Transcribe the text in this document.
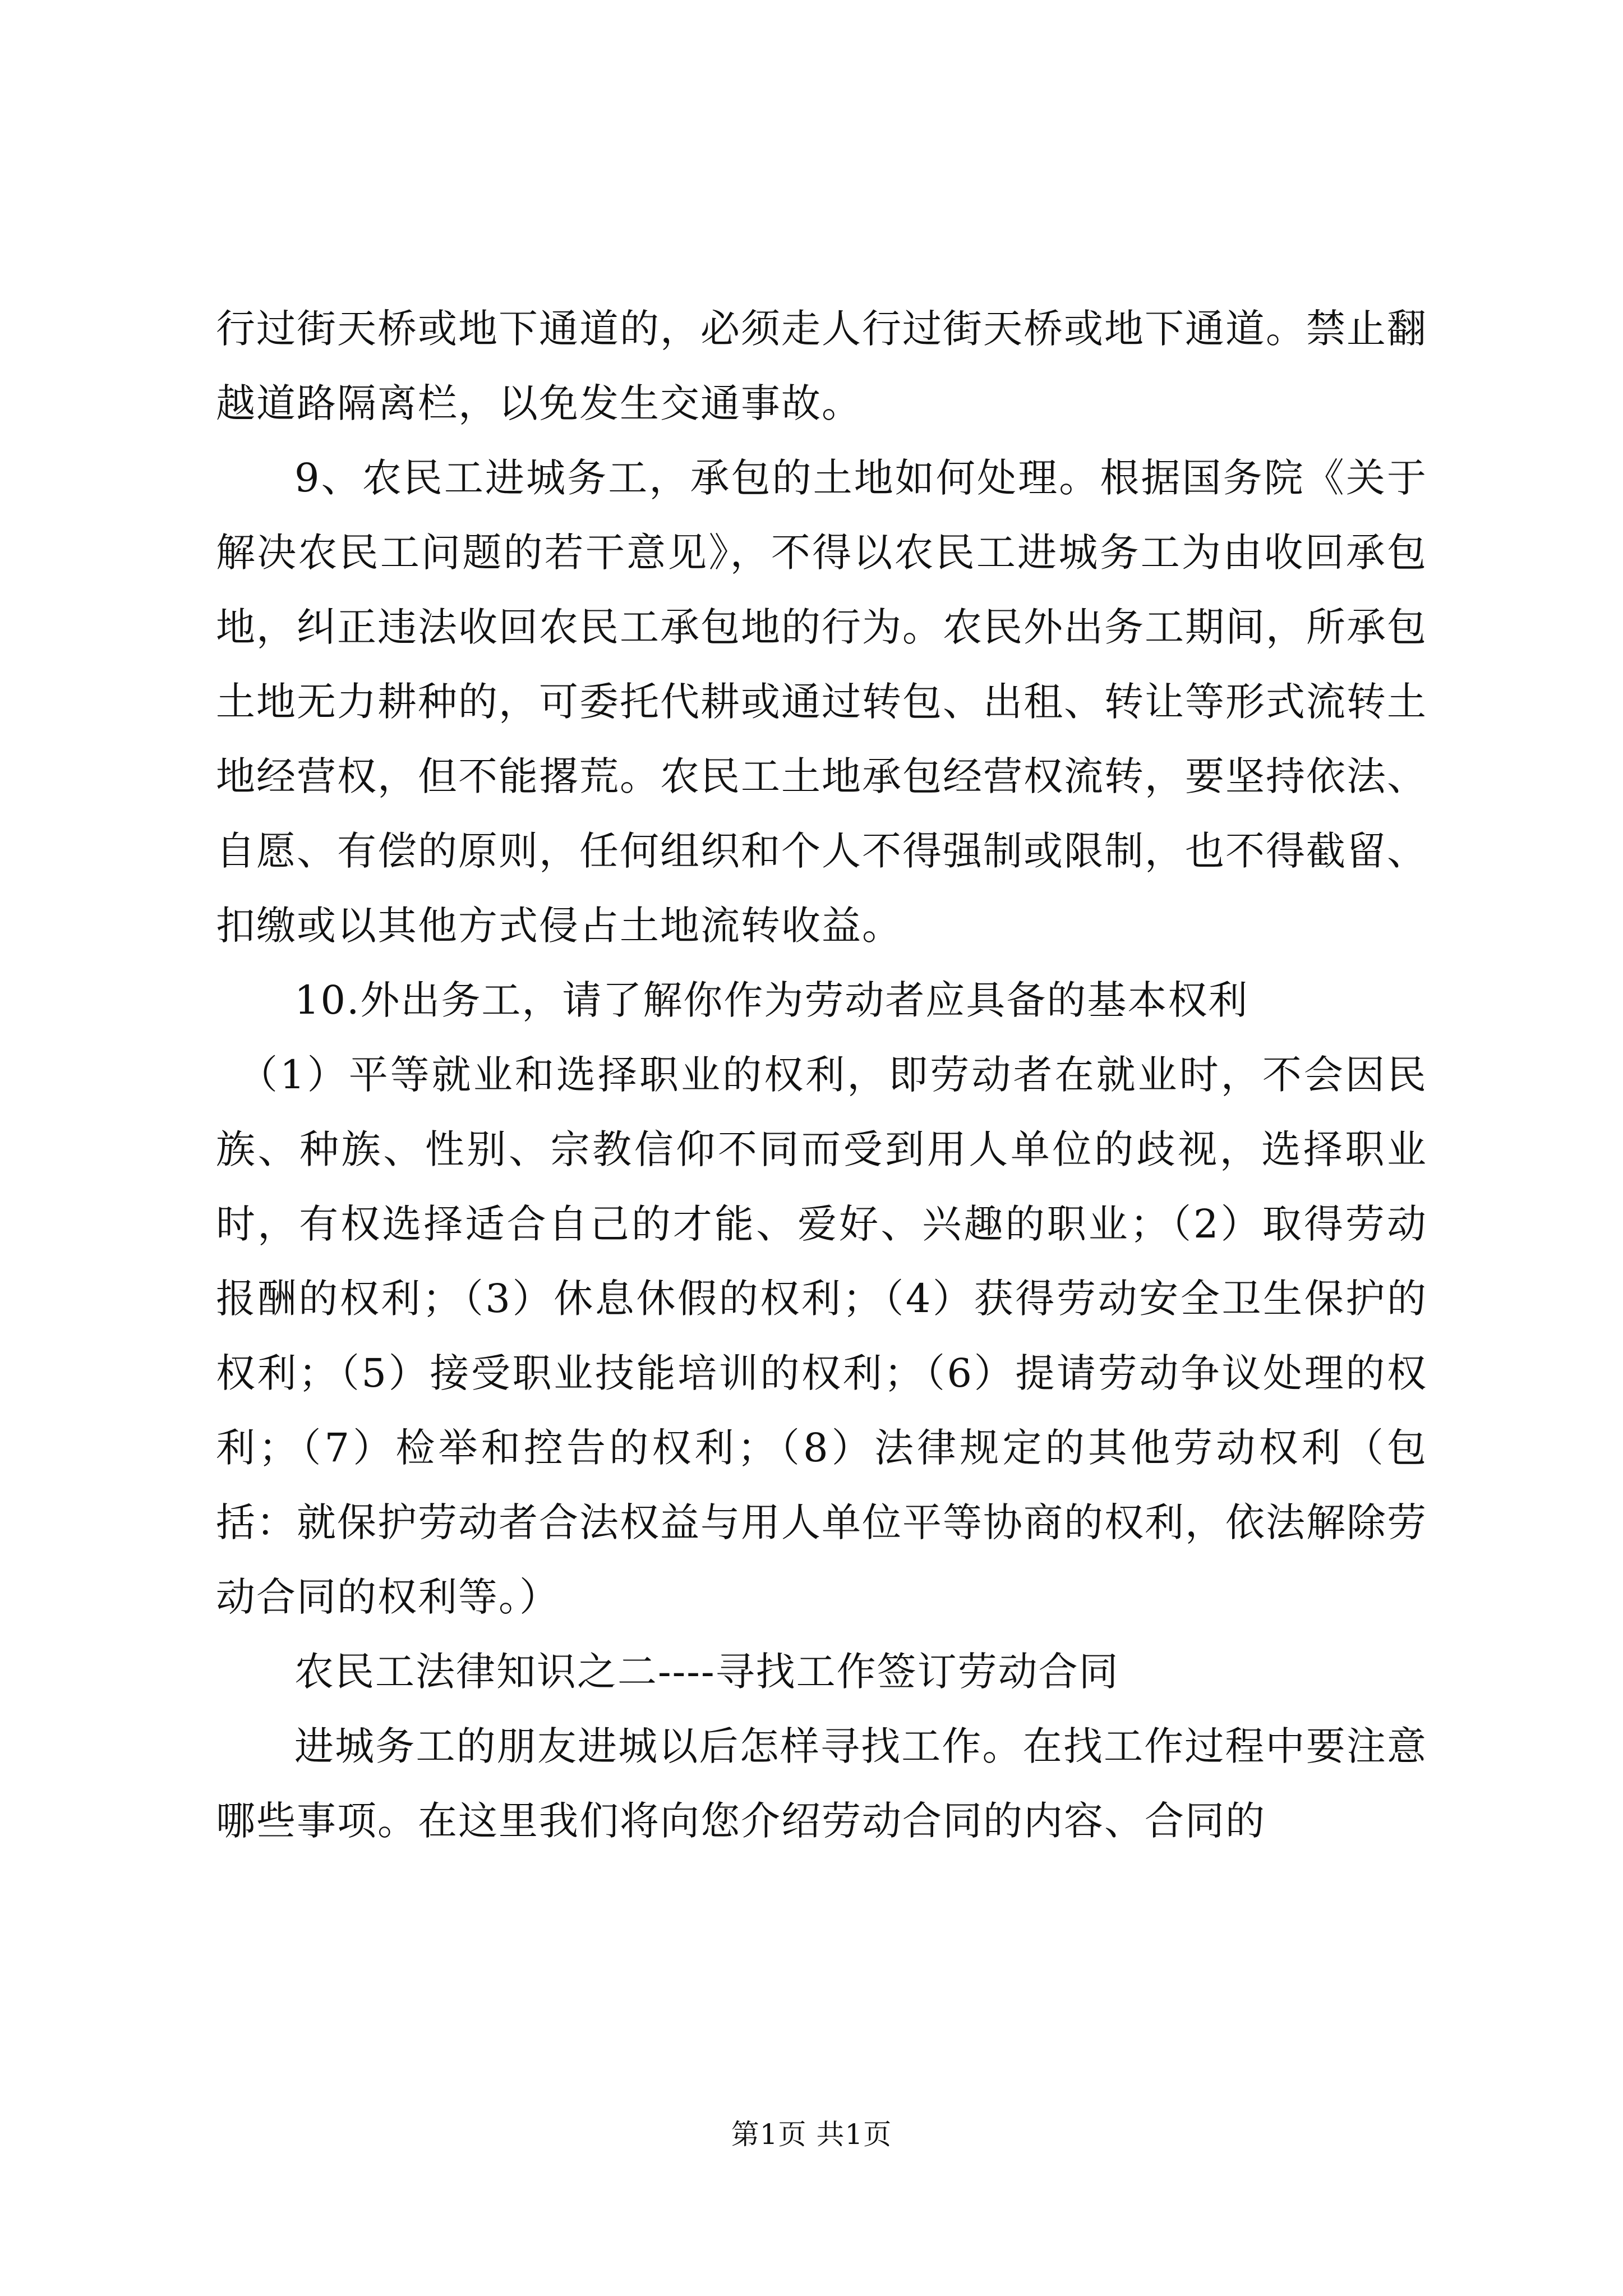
行过街天桥或地下通道的，必须走人行过街天桥或地下通道。禁止翻越道路隔离栏，以免发生交通事故。

9、农民工进城务工，承包的土地如何处理。根据国务院《关于解决农民工问题的若干意见》，不得以农民工进城务工为由收回承包地，纠正违法收回农民工承包地的行为。农民外出务工期间，所承包土地无力耕种的，可委托代耕或通过转包、出租、转让等形式流转土地经营权，但不能撂荒。农民工土地承包经营权流转，要坚持依法、自愿、有偿的原则，任何组织和个人不得强制或限制，也不得截留、扣缴或以其他方式侵占土地流转收益。

10.外出务工，请了解你作为劳动者应具备的基本权利

（1）平等就业和选择职业的权利，即劳动者在就业时，不会因民族、种族、性别、宗教信仰不同而受到用人单位的歧视，选择职业时，有权选择适合自己的才能、爱好、兴趣的职业；（2）取得劳动报酬的权利；（3）休息休假的权利；（4）获得劳动安全卫生保护的权利；（5）接受职业技能培训的权利；（6）提请劳动争议处理的权利；（7）检举和控告的权利；（8）法律规定的其他劳动权利（包括：就保护劳动者合法权益与用人单位平等协商的权利，依法解除劳动合同的权利等。）

农民工法律知识之二----寻找工作签订劳动合同

进城务工的朋友进城以后怎样寻找工作。在找工作过程中要注意哪些事项。在这里我们将向您介绍劳动合同的内容、合同的

第1页 共1页
